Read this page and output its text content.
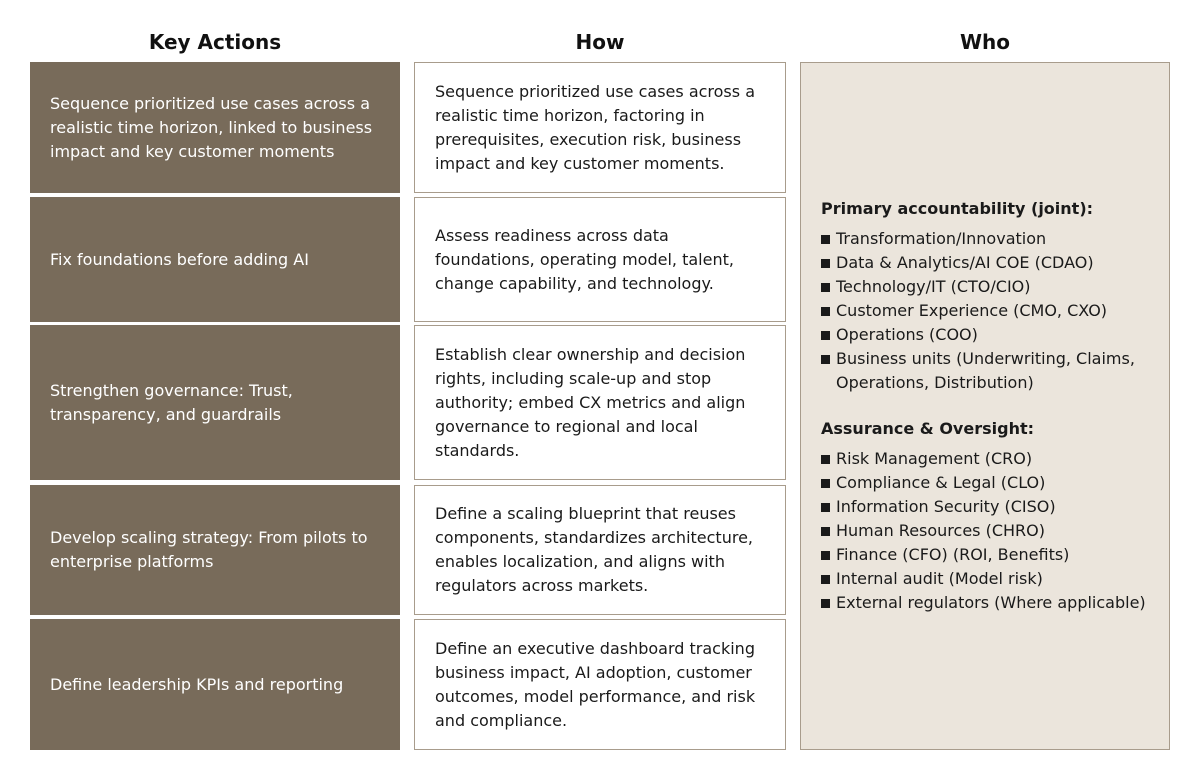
Key Actions	How	Who
Sequence prioritized use cases across a realistic time horizon, linked to business impact and key customer moments
Fix foundations before adding AI
Strengthen governance: Trust, transparency, and guardrails
Develop scaling strategy: From pilots to enterprise platforms
Define leadership KPIs and reporting
Sequence prioritized use cases across a realistic time horizon, factoring in prerequisites, execution risk, business impact and key customer moments.
Assess readiness across data foundations, operating model, talent, change capability, and technology.
Establish clear ownership and decision rights, including scale-up and stop authority; embed CX metrics and align governance to regional and local standards.
Define a scaling blueprint that reuses components, standardizes architecture, enables localization, and aligns with regulators across markets.
Define an executive dashboard tracking business impact, AI adoption, customer outcomes, model performance, and risk and compliance.
Primary accountability (joint):
Transformation/Innovation
Data & Analytics/AI COE (CDAO)
Technology/IT (CTO/CIO)
Customer Experience (CMO, CXO)
Operations (COO)
Business units (Underwriting, Claims, Operations, Distribution)
Assurance & Oversight:
Risk Management (CRO)
Compliance & Legal (CLO)
Information Security (CISO)
Human Resources (CHRO)
Finance (CFO) (ROI, Benefits)
Internal audit (Model risk)
External regulators (Where applicable)
